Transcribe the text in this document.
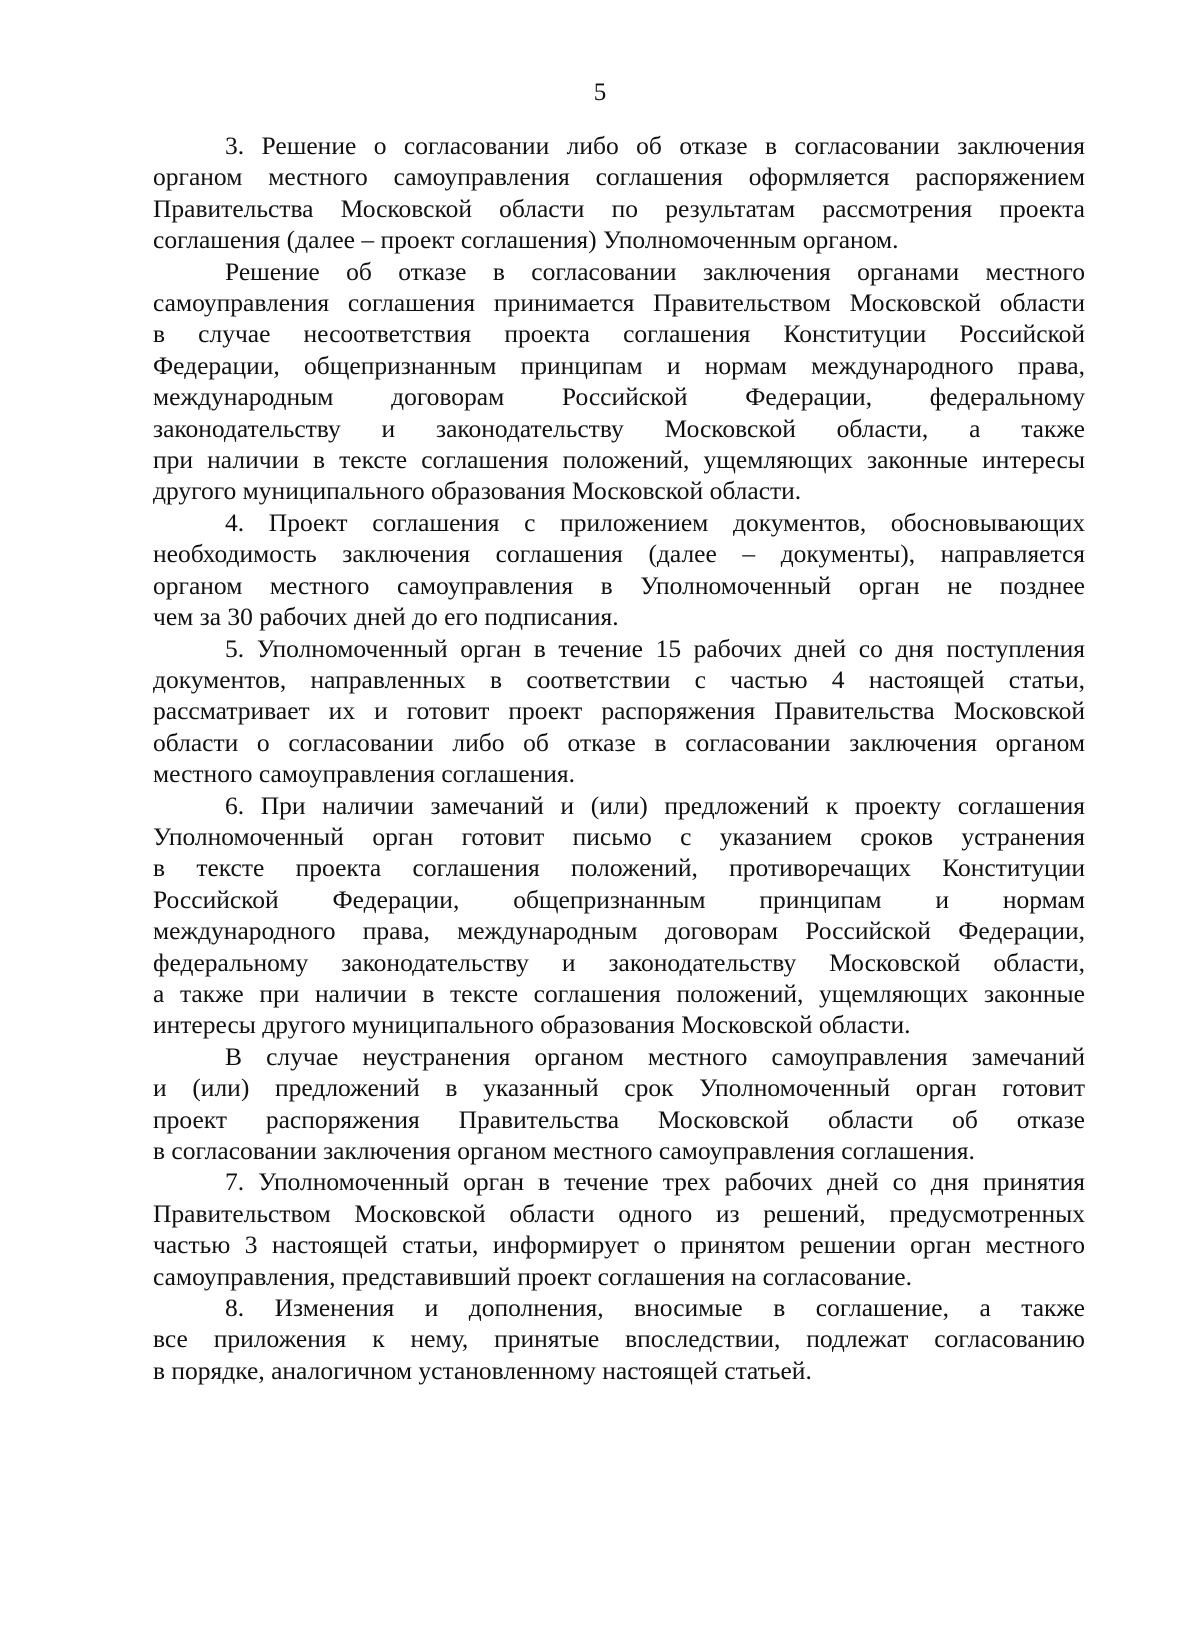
5
3. Решение о согласовании либо об отказе в согласовании заключения
органом местного самоуправления соглашения оформляется распоряжением
Правительства Московской области по результатам рассмотрения проекта
соглашения (далее – проект соглашения) Уполномоченным органом.
Решение об отказе в согласовании заключения органами местного
самоуправления соглашения принимается Правительством Московской области
в случае несоответствия проекта соглашения Конституции Российской
Федерации, общепризнанным принципам и нормам международного права,
международным договорам Российской Федерации, федеральному
законодательству и законодательству Московской области, а также
при наличии в тексте соглашения положений, ущемляющих законные интересы
другого муниципального образования Московской области.
4. Проект соглашения с приложением документов, обосновывающих
необходимость заключения соглашения (далее – документы), направляется
органом местного самоуправления в Уполномоченный орган не позднее
чем за 30 рабочих дней до его подписания.
5. Уполномоченный орган в течение 15 рабочих дней со дня поступления
документов, направленных в соответствии с частью 4 настоящей статьи,
рассматривает их и готовит проект распоряжения Правительства Московской
области о согласовании либо об отказе в согласовании заключения органом
местного самоуправления соглашения.
6. При наличии замечаний и (или) предложений к проекту соглашения
Уполномоченный орган готовит письмо с указанием сроков устранения
в тексте проекта соглашения положений, противоречащих Конституции
Российской Федерации, общепризнанным принципам и нормам
международного права, международным договорам Российской Федерации,
федеральному законодательству и законодательству Московской области,
а также при наличии в тексте соглашения положений, ущемляющих законные
интересы другого муниципального образования Московской области.
В случае неустранения органом местного самоуправления замечаний
и (или) предложений в указанный срок Уполномоченный орган готовит
проект распоряжения Правительства Московской области об отказе
в согласовании заключения органом местного самоуправления соглашения.
7. Уполномоченный орган в течение трех рабочих дней со дня принятия
Правительством Московской области одного из решений, предусмотренных
частью 3 настоящей статьи, информирует о принятом решении орган местного
самоуправления, представивший проект соглашения на согласование.
8. Изменения и дополнения, вносимые в соглашение, а также
все приложения к нему, принятые впоследствии, подлежат согласованию
в порядке, аналогичном установленному настоящей статьей.
